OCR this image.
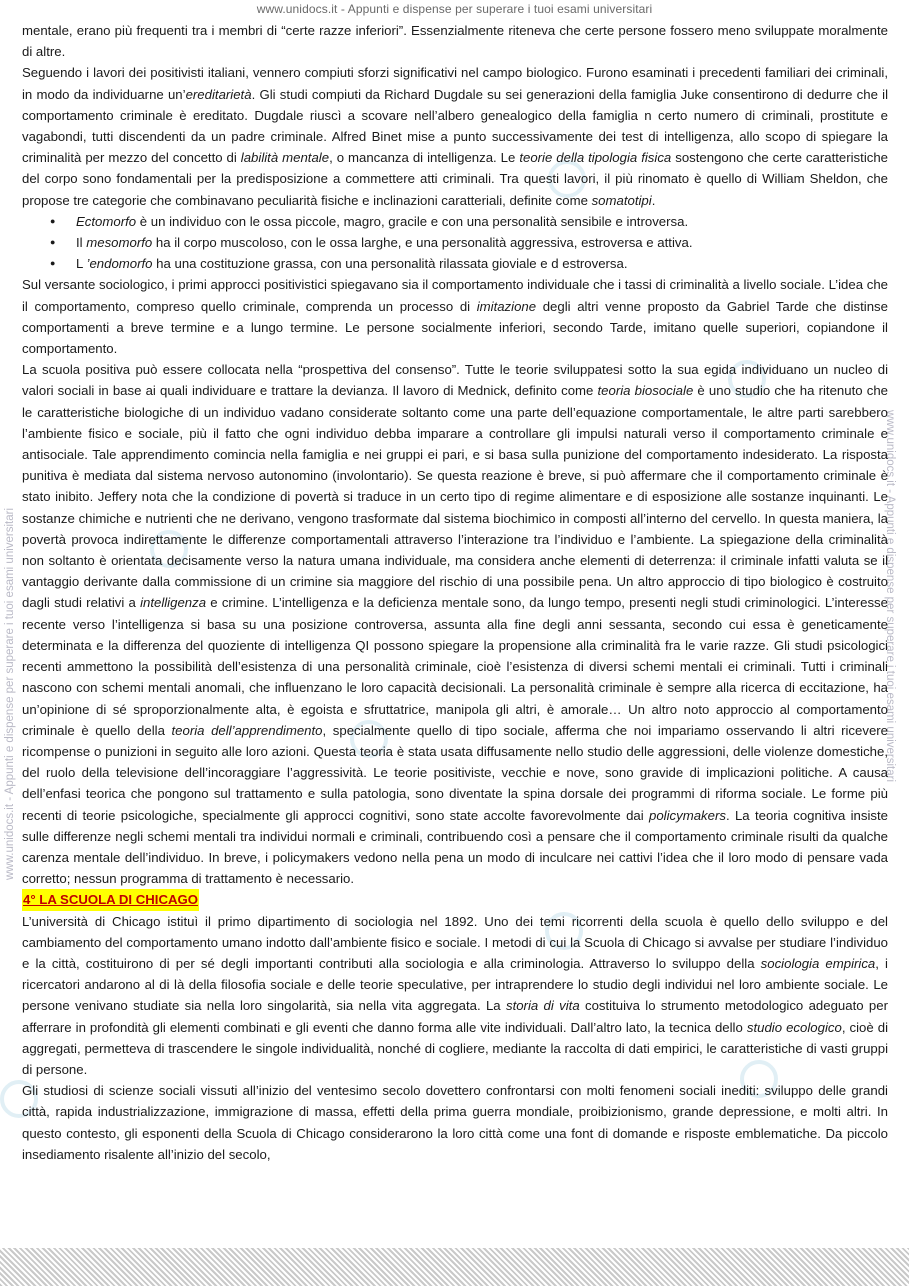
www.unidocs.it - Appunti e dispense per superare i tuoi esami universitari
www.unidocs.it - Appunti e dispense per superare i tuoi esami universitari	www.unidocs.it - Appunti e dispense per superare i tuoi esami universitari

mentale, erano più frequenti tra i membri di “certe razze inferiori”. Essenzialmente riteneva che certe persone fossero meno sviluppate moralmente di altre.

Seguendo i lavori dei positivisti italiani, vennero compiuti sforzi significativi nel campo biologico. Furono esaminati i precedenti familiari dei criminali, in modo da individuarne un’ereditarietà. Gli studi compiuti da Richard Dugdale su sei generazioni della famiglia Juke consentirono di dedurre che il comportamento criminale è ereditato. Dugdale riuscì a scovare nell’albero genealogico della famiglia n certo numero di criminali, prostitute e vagabondi, tutti discendenti da un padre criminale. Alfred Binet mise a punto successivamente dei test di intelligenza, allo scopo di spiegare la criminalità per mezzo del concetto di labilità mentale, o mancanza di intelligenza. Le teorie della tipologia fisica sostengono che certe caratteristiche del corpo sono fondamentali per la predisposizione a commettere atti criminali. Tra questi lavori, il più rinomato è quello di William Sheldon, che propose tre categorie che combinavano peculiarità fisiche e inclinazioni caratteriali, definite come somatotipi.

● Ectomorfo è un individuo con le ossa piccole, magro, gracile e con una personalità sensibile e introversa.
● Il mesomorfo ha il corpo muscoloso, con le ossa larghe, e una personalità aggressiva, estroversa e attiva.
● L ’endomorfo ha una costituzione grassa, con una personalità rilassata gioviale e d estroversa.

Sul versante sociologico, i primi approcci positivistici spiegavano sia il comportamento individuale che i tassi di criminalità a livello sociale. L’idea che il comportamento, compreso quello criminale, comprenda un processo di imitazione degli altri venne proposto da Gabriel Tarde che distinse comportamenti a breve termine e a lungo termine. Le persone socialmente inferiori, secondo Tarde, imitano quelle superiori, copiandone il comportamento.

La scuola positiva può essere collocata nella “prospettiva del consenso”. Tutte le teorie sviluppatesi sotto la sua egida individuano un nucleo di valori sociali in base ai quali individuare e trattare la devianza. Il lavoro di Mednick, definito come teoria biosociale è uno studio che ha ritenuto che le caratteristiche biologiche di un individuo vadano considerate soltanto come una parte dell’equazione comportamentale, le altre parti sarebbero l’ambiente fisico e sociale, più il fatto che ogni individuo debba imparare a controllare gli impulsi naturali verso il comportamento criminale e antisociale. Tale apprendimento comincia nella famiglia e nei gruppi ei pari, e si basa sulla punizione del comportamento indesiderato. La risposta punitiva è mediata dal sistema nervoso autonomino (involontario). Se questa reazione è breve, si può affermare che il comportamento criminale è stato inibito. Jeffery nota che la condizione di povertà si traduce in un certo tipo di regime alimentare e di esposizione alle sostanze inquinanti. Le sostanze chimiche e nutrienti che ne derivano, vengono trasformate dal sistema biochimico in composti all’interno del cervello. In questa maniera, la povertà provoca indirettamente le differenze comportamentali attraverso l’interazione tra l’individuo e l’ambiente. La spiegazione della criminalità non soltanto è orientata decisamente verso la natura umana individuale, ma considera anche elementi di deterrenza: il criminale infatti valuta se il vantaggio derivante dalla commissione di un crimine sia maggiore del rischio di una possibile pena. Un altro approccio di tipo biologico è costruito dagli studi relativi a intelligenza e crimine. L’intelligenza e la deficienza mentale sono, da lungo tempo, presenti negli studi criminologici. L’interesse recente verso l’intelligenza si basa su una posizione controversa, assunta alla fine degli anni sessanta, secondo cui essa è geneticamente determinata e la differenza del quoziente di intelligenza QI possono spiegare la propensione alla criminalità fra le varie razze. Gli studi psicologici recenti ammettono la possibilità dell’esistenza di una personalità criminale, cioè l’esistenza di diversi schemi mentali ei criminali. Tutti i criminali nascono con schemi mentali anomali, che influenzano le loro capacità decisionali. La personalità criminale è sempre alla ricerca di eccitazione, ha un’opinione di sé sproporzionalmente alta, è egoista e sfruttatrice, manipola gli altri, è amorale… Un altro noto approccio al comportamento criminale è quello della teoria dell’apprendimento, specialmente quello di tipo sociale, afferma che noi impariamo osservando li altri ricevere ricompense o punizioni in seguito alle loro azioni. Questa teoria è stata usata diffusamente nello studio delle aggressioni, delle violenze domestiche, del ruolo della televisione dell’incoraggiare l’aggressività. Le teorie positiviste, vecchie e nove, sono gravide di implicazioni politiche. A causa dell’enfasi teorica che pongono sul trattamento e sulla patologia, sono diventate la spina dorsale dei programmi di riforma sociale. Le forme più recenti di teorie psicologiche, specialmente gli approcci cognitivi, sono state accolte favorevolmente dai policymakers. La teoria cognitiva insiste sulle differenze negli schemi mentali tra individui normali e criminali, contribuendo così a pensare che il comportamento criminale risulti da qualche carenza mentale dell’individuo. In breve, i policymakers vedono nella pena un modo di inculcare nei cattivi l’idea che il loro modo di pensare vada corretto; nessun programma di trattamento è necessario.

4° LA SCUOLA DI CHICAGO

L’università di Chicago istituì il primo dipartimento di sociologia nel 1892. Uno dei temi ricorrenti della scuola è quello dello sviluppo e del cambiamento del comportamento umano indotto dall’ambiente fisico e sociale. I metodi di cui la Scuola di Chicago si avvalse per studiare l’individuo e la città, costituirono di per sé degli importanti contributi alla sociologia e alla criminologia. Attraverso lo sviluppo della sociologia empirica, i ricercatori andarono al di là della filosofia sociale e delle teorie speculative, per intraprendere lo studio degli individui nel loro ambiente sociale. Le persone venivano studiate sia nella loro singolarità, sia nella vita aggregata. La storia di vita costituiva lo strumento metodologico adeguato per afferrare in profondità gli elementi combinati e gli eventi che danno forma alle vite individuali. Dall’altro lato, la tecnica dello studio ecologico, cioè di aggregati, permetteva di trascendere le singole individualità, nonché di cogliere, mediante la raccolta di dati empirici, le caratteristiche di vasti gruppi di persone.

Gli studiosi di scienze sociali vissuti all’inizio del ventesimo secolo dovettero confrontarsi con molti fenomeni sociali inediti: sviluppo delle grandi città, rapida industrializzazione, immigrazione di massa, effetti della prima guerra mondiale, proibizionismo, grande depressione, e molti altri. In questo contesto, gli esponenti della Scuola di Chicago considerarono la loro città come una font di domande e risposte emblematiche. Da piccolo insediamento risalente all’inizio del secolo,
